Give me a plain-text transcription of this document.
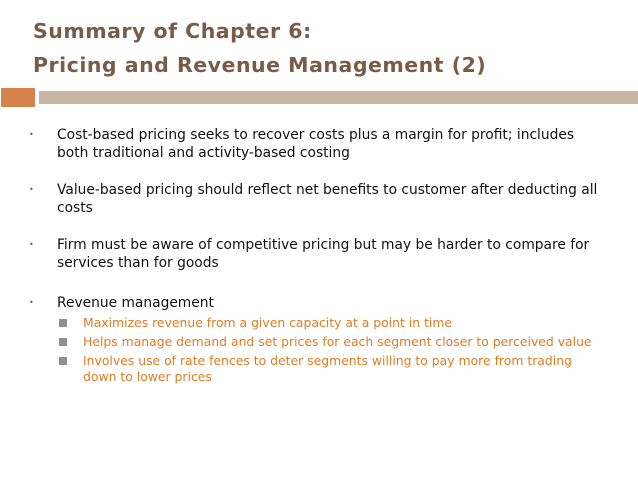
Summary of Chapter 6:
Pricing and Revenue Management (2)
• Cost-based pricing seeks to recover costs plus a margin for profit; includes both traditional and activity-based costing
• Value-based pricing should reflect net benefits to customer after deducting all costs
• Firm must be aware of competitive pricing but may be harder to compare for services than for goods
• Revenue management
Maximizes revenue from a given capacity at a point in time
Helps manage demand and set prices for each segment closer to perceived value
Involves use of rate fences to deter segments willing to pay more from trading down to lower prices
